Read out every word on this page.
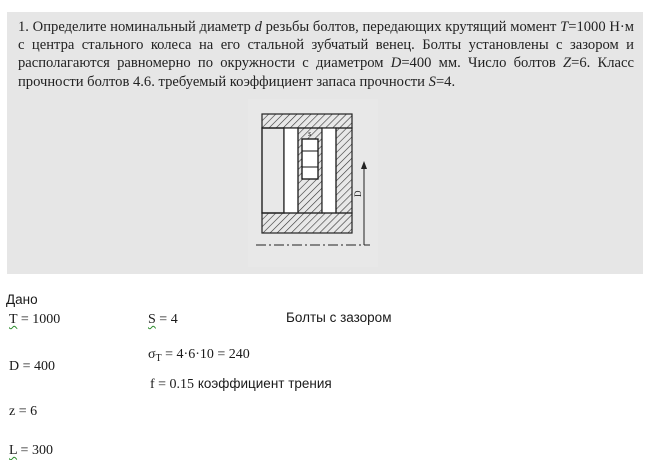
1. Определите номинальный диаметр d резьбы болтов, передающих крутящий момент T=1000 Н·м с центра стального колеса на его стальной зубчатый венец. Болты установлены с зазором и располагаются равномерно по окружности с диаметром D=400 мм. Число болтов Z=6. Класс прочности болтов 4.6. требуемый коэффициент запаса прочности S=4.
D
s
Дано
T = 1000	S = 4	Болты с зазором
$\sigma_T = 4\cdot 6\cdot 10 = 240$
D = 400
f = 0.15 коэффициент трения
z = 6
L = 300
